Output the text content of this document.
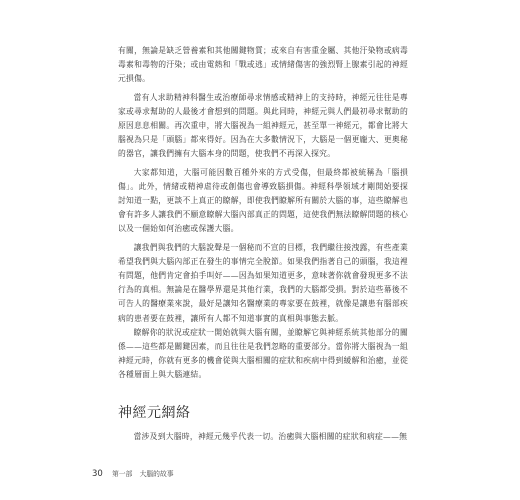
有關，無論是缺乏營養素和其他關鍵物質；或來自有害重金屬、其他汙染物或病毒毒素和毒物的汙染；或由電熱和「戰或逃」或情緒傷害的強烈腎上腺素引起的神經元損傷。

當有人求助精神科醫生或治療師尋求情感或精神上的支持時，神經元往往是專家或尋求幫助的人最後才會想到的問題。與此同時，神經元與人們最初尋求幫助的原因息息相關。再次重申，將大腦視為一組神經元，甚至單一神經元，都會比將大腦視為只是「頭腦」都來得好。因為在大多數情況下，大腦是一個更龐大、更奧秘的器官，讓我們擁有大腦本身的問題，使我們不再深入探究。

大家都知道，大腦可能因數百種外來的方式受傷，但最終都被統稱為「腦損傷」。此外，情緒或精神虐待或創傷也會導致腦損傷。神經科學領域才剛開始要探討知道一點，更談不上真正的瞭解，即使我們瞭解所有關於大腦的事，這些瞭解也會有許多人讓我們不願意瞭解大腦內部真正的問題，這使我們無法瞭解問題的核心以及一個始如何治癒或保護大腦。

讓我們與我們的大腦說聲是一個秘而不宣的目標，我們繼往接洩露，有些產業希望我們與大腦內部正在發生的事情完全脫節。如果我們指著自己的頭腦，我這裡有問題，他們肯定會拍手叫好——因為如果知道更多，意味著你就會發現更多不法行為的真相。無論是在醫學界還是其他行業，我們的大腦都受損。對於這些幕後不可告人的醫療業來說，最好是讓知名醫療業的專家要在鼓裡，就像是讓患有腦部疾病的患者要在鼓裡，讓所有人都不知道事實的真相與事態去脈。

瞭解你的狀況或症狀一開始就與大腦有關，並瞭解它與神經系統其他部分的關係——這些都是關鍵因素，而且往往是我們忽略的重要部分。當你將大腦視為一組神經元時，你就有更多的機會從與大腦相關的症狀和疾病中得到緩解和治癒，並從各種層面上與大腦連結。

神經元網絡

當涉及到大腦時，神經元幾乎代表一切。治癒與大腦相關的症狀和病症——無

30 第一部 大腦的故事
